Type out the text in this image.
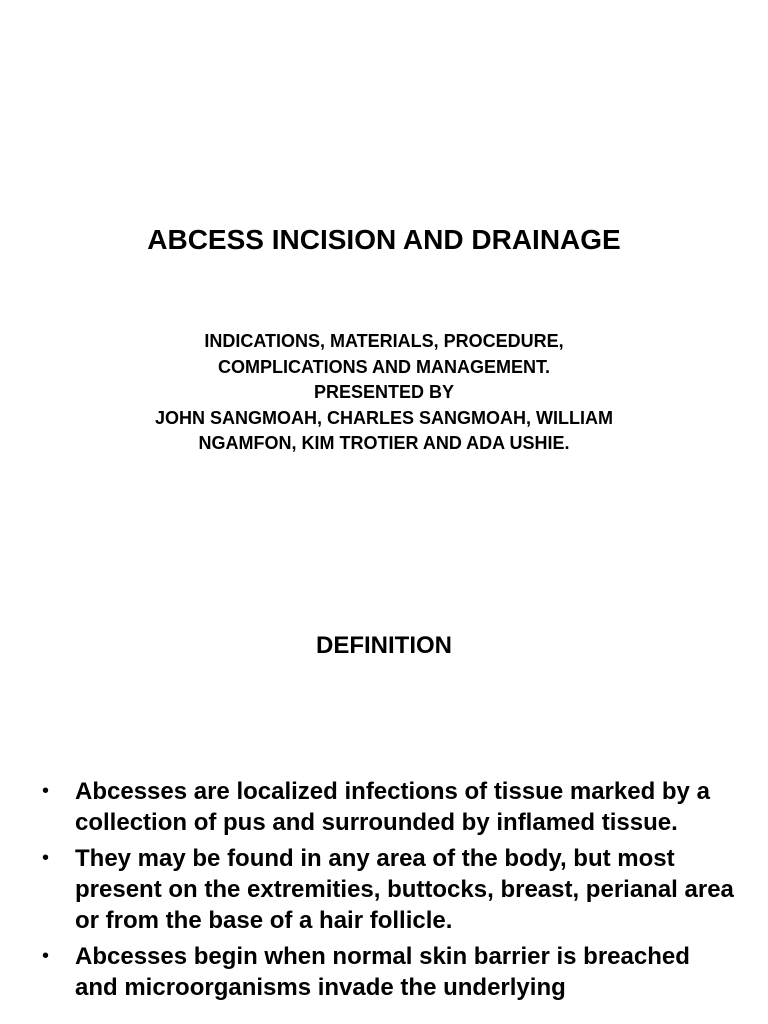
ABCESS INCISION AND DRAINAGE
INDICATIONS, MATERIALS, PROCEDURE,
COMPLICATIONS AND MANAGEMENT.
PRESENTED BY
JOHN SANGMOAH, CHARLES SANGMOAH, WILLIAM
NGAMFON, KIM TROTIER AND ADA USHIE.
DEFINITION
• Abcesses are localized infections of tissue marked by a collection of pus and surrounded by inflamed tissue.
• They may be found in any area of the body, but most present on the extremities, buttocks, breast, perianal area or from the base of a hair follicle.
• Abcesses begin when normal skin barrier is breached and microorganisms invade the underlying
